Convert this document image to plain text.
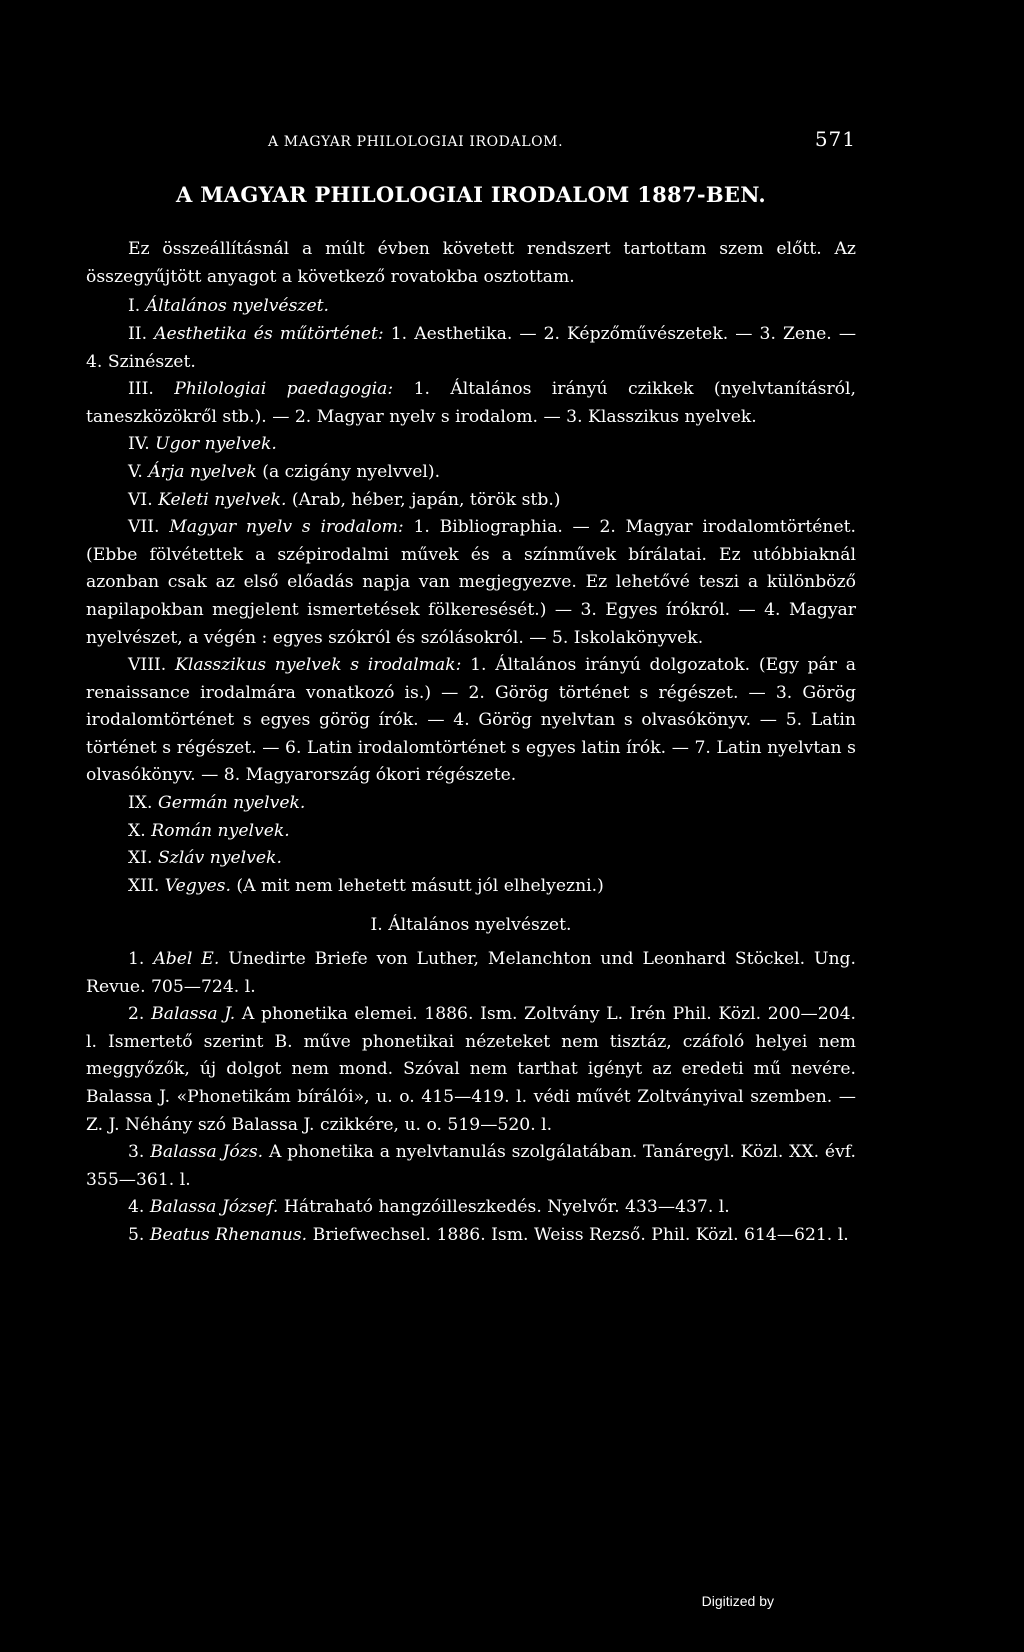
A MAGYAR PHILOLOGIAI IRODALOM.	571
A MAGYAR PHILOLOGIAI IRODALOM 1887-BEN.

Ez összeállításnál a múlt évben követett rendszert tartottam szem előtt. Az összegyűjtött anyagot a következő rovatokba osztottam.

I. Általános nyelvészet.

II. Aesthetika és műtörténet: 1. Aesthetika. — 2. Képzőművészetek. — 3. Zene. — 4. Szinészet.

III. Philologiai paedagogia: 1. Általános irányú czikkek (nyelvtanításról, taneszközökről stb.). — 2. Magyar nyelv s irodalom. — 3. Klasszikus nyelvek.

IV. Ugor nyelvek.

V. Árja nyelvek (a czigány nyelvvel).

VI. Keleti nyelvek. (Arab, héber, japán, török stb.)

VII. Magyar nyelv s irodalom: 1. Bibliographia. — 2. Magyar irodalomtörténet. (Ebbe fölvétettek a szépirodalmi művek és a színművek bírálatai. Ez utóbbiaknál azonban csak az első előadás napja van megjegyezve. Ez lehetővé teszi a különböző napilapokban megjelent ismertetések fölkeresését.) — 3. Egyes írókról. — 4. Magyar nyelvészet, a végén : egyes szókról és szólásokról. — 5. Iskolakönyvek.

VIII. Klasszikus nyelvek s irodalmak: 1. Általános irányú dolgozatok. (Egy pár a renaissance irodalmára vonatkozó is.) — 2. Görög történet s régészet. — 3. Görög irodalomtörténet s egyes görög írók. — 4. Görög nyelvtan s olvasókönyv. — 5. Latin történet s régészet. — 6. Latin irodalomtörténet s egyes latin írók. — 7. Latin nyelvtan s olvasókönyv. — 8. Magyarország ókori régészete.

IX. Germán nyelvek.

X. Román nyelvek.

XI. Szláv nyelvek.

XII. Vegyes. (A mit nem lehetett másutt jól elhelyezni.)

I. Általános nyelvészet.

1. Abel E. Unedirte Briefe von Luther, Melanchton und Leonhard Stöckel. Ung. Revue. 705—724. l.

2. Balassa J. A phonetika elemei. 1886. Ism. Zoltvány L. Irén Phil. Közl. 200—204. l. Ismertető szerint B. műve phonetikai nézeteket nem tisztáz, czáfoló helyei nem meggyőzők, új dolgot nem mond. Szóval nem tarthat igényt az eredeti mű nevére. Balassa J. «Phonetikám bírálói», u. o. 415—419. l. védi művét Zoltványival szemben. — Z. J. Néhány szó Balassa J. czikkére, u. o. 519—520. l.

3. Balassa Józs. A phonetika a nyelvtanulás szolgálatában. Tanáregyl. Közl. XX. évf. 355—361. l.

4. Balassa József. Hátraható hangzóilleszkedés. Nyelvőr. 433—437. l.

5. Beatus Rhenanus. Briefwechsel. 1886. Ism. Weiss Rezső. Phil. Közl. 614—621. l.

Digitized by
